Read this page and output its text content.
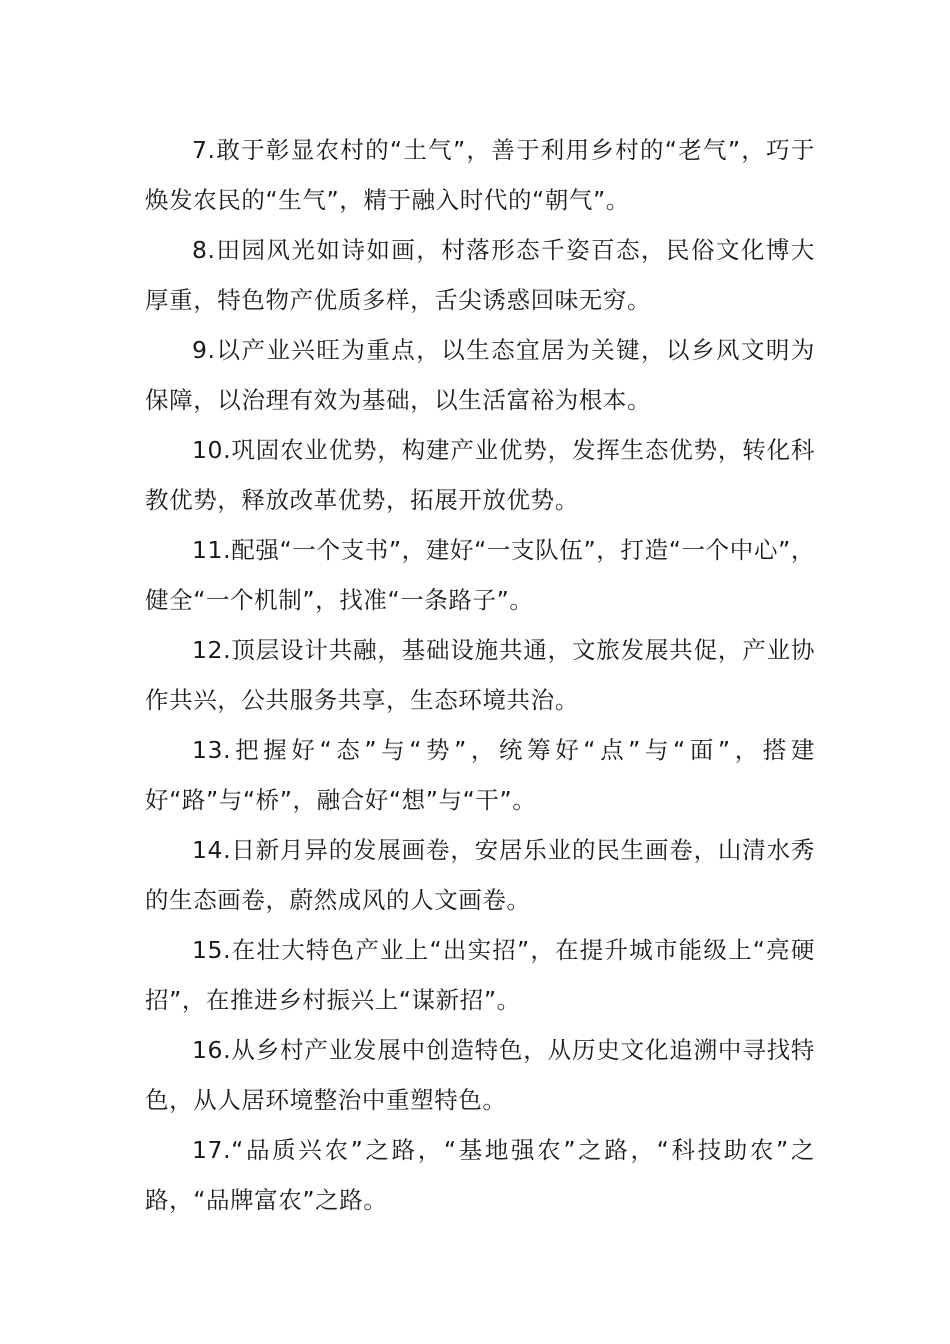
7.敢于彰显农村的“土气”，善于利用乡村的“老气”，巧于焕发农民的“生气”，精于融入时代的“朝气”。

8.田园风光如诗如画，村落形态千姿百态，民俗文化博大厚重，特色物产优质多样，舌尖诱惑回味无穷。

9.以产业兴旺为重点，以生态宜居为关键，以乡风文明为保障，以治理有效为基础，以生活富裕为根本。

10.巩固农业优势，构建产业优势，发挥生态优势，转化科教优势，释放改革优势，拓展开放优势。

11.配强“一个支书”，建好“一支队伍”，打造“一个中心”，健全“一个机制”，找准“一条路子”。

12.顶层设计共融，基础设施共通，文旅发展共促，产业协作共兴，公共服务共享，生态环境共治。

13.把握好“态”与“势”，统筹好“点”与“面”，搭建好“路”与“桥”，融合好“想”与“干”。

14.日新月异的发展画卷，安居乐业的民生画卷，山清水秀的生态画卷，蔚然成风的人文画卷。

15.在壮大特色产业上“出实招”，在提升城市能级上“亮硬招”，在推进乡村振兴上“谋新招”。

16.从乡村产业发展中创造特色，从历史文化追溯中寻找特色，从人居环境整治中重塑特色。

17.“品质兴农”之路，“基地强农”之路，“科技助农”之路，“品牌富农”之路。
